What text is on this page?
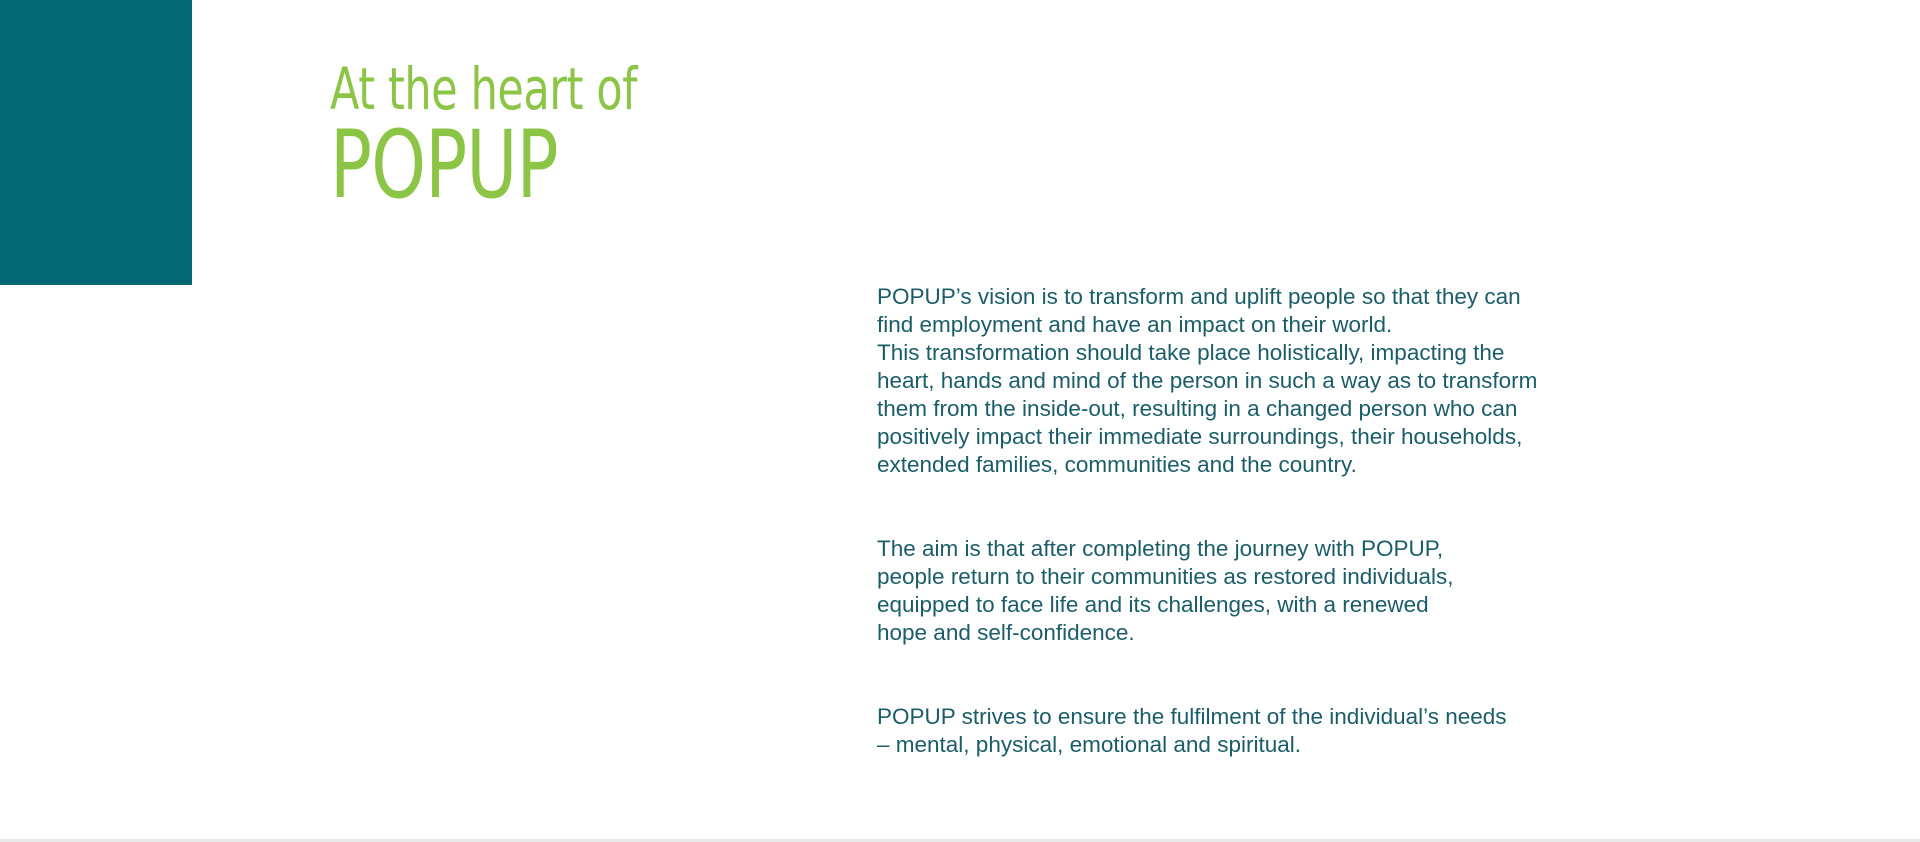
At the heart of
POPUP

POPUP’s vision is to transform and uplift people so that they can
find employment and have an impact on their world.
This transformation should take place holistically, impacting the
heart, hands and mind of the person in such a way as to transform
them from the inside-out, resulting in a changed person who can
positively impact their immediate surroundings, their households,
extended families, communities and the country.

The aim is that after completing the journey with POPUP,
people return to their communities as restored individuals,
equipped to face life and its challenges, with a renewed
hope and self-confidence.

POPUP strives to ensure the fulfilment of the individual’s needs
– mental, physical, emotional and spiritual.
